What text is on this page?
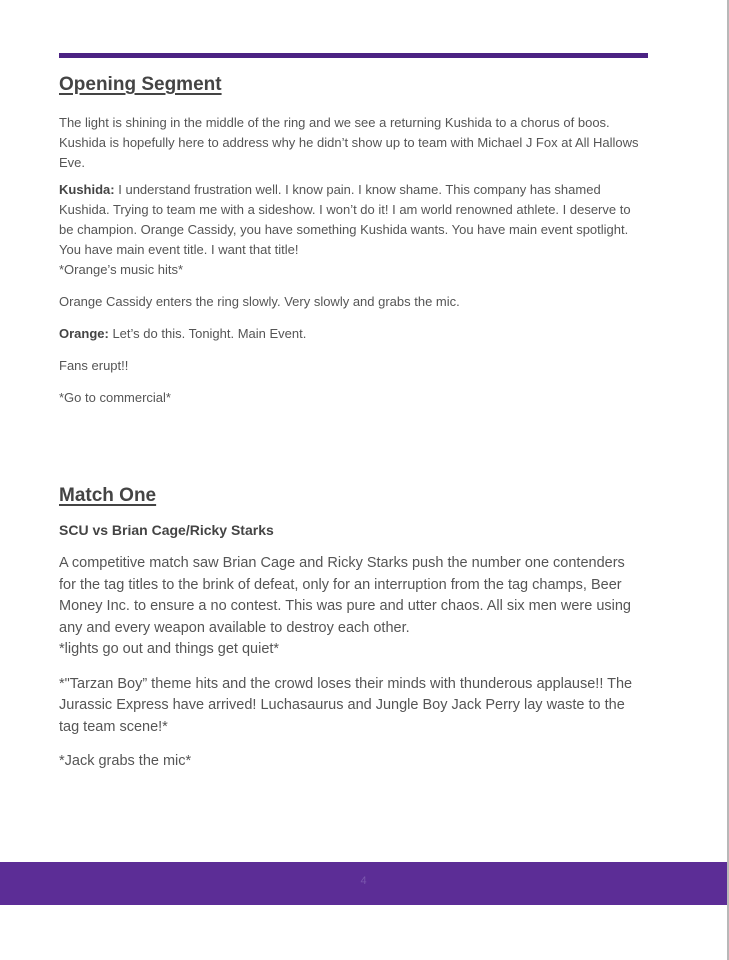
Opening Segment

The light is shining in the middle of the ring and we see a returning Kushida to a chorus of boos. Kushida is hopefully here to address why he didn’t show up to team with Michael J Fox at All Hallows Eve.

Kushida: I understand frustration well. I know pain. I know shame. This company has shamed Kushida. Trying to team me with a sideshow. I won’t do it! I am world renowned athlete. I deserve to be champion. Orange Cassidy, you have something Kushida wants. You have main event spotlight. You have main event title. I want that title!

*Orange’s music hits*

Orange Cassidy enters the ring slowly. Very slowly and grabs the mic.

Orange: Let’s do this. Tonight. Main Event.

Fans erupt!!

*Go to commercial*

Match One

SCU vs Brian Cage/Ricky Starks

A competitive match saw Brian Cage and Ricky Starks push the number one contenders for the tag titles to the brink of defeat, only for an interruption from the tag champs, Beer Money Inc. to ensure a no contest. This was pure and utter chaos. All six men were using any and every weapon available to destroy each other.

*lights go out and things get quiet*

*"Tarzan Boy” theme hits and the crowd loses their minds with thunderous applause!! The Jurassic Express have arrived! Luchasaurus and Jungle Boy Jack Perry lay waste to the tag team scene!*

*Jack grabs the mic*

4
